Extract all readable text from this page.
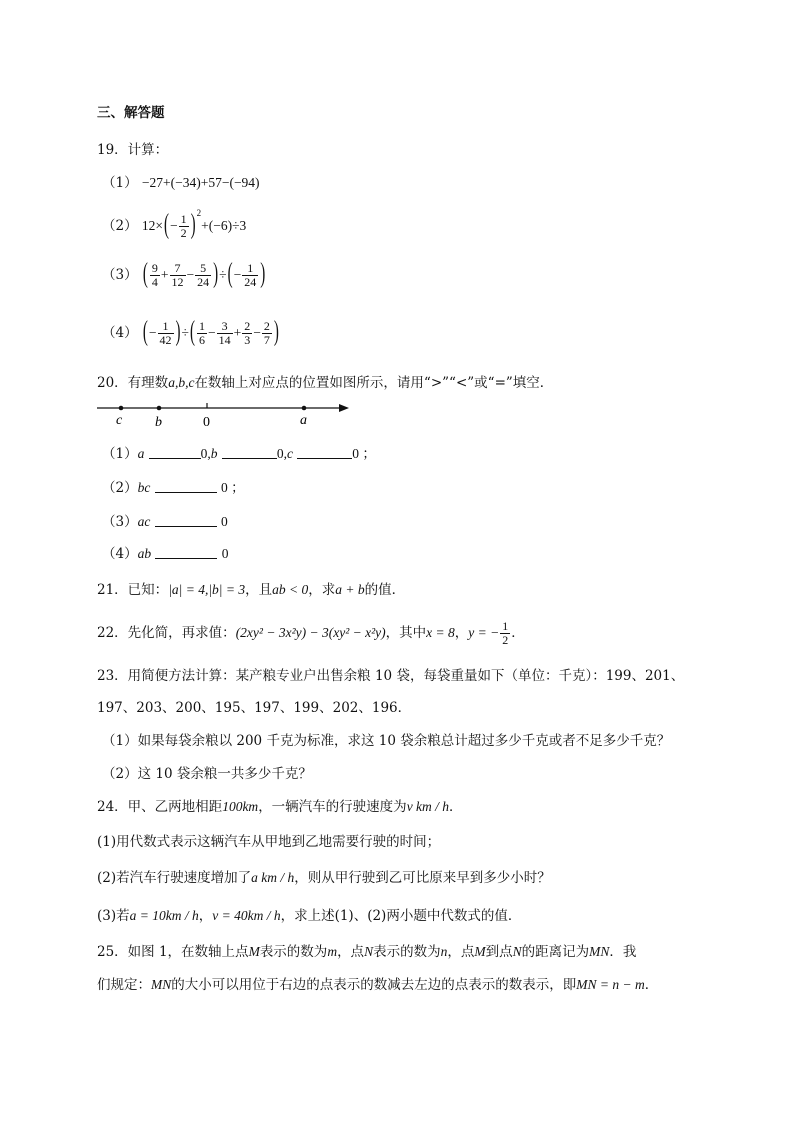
三、解答题
19．计算：
（1） −27+(−34)+57−(−94)
（2） $12\times(- \frac{1}{2} )^2+(-6)\div 3$
（3） ( $\frac{9}{4} + \frac{7}{12} - \frac{5}{24}$ )÷(− $\frac{1}{24}$ )
（4） (− $\frac{1}{42}$ )÷( $\frac{1}{6} - \frac{3}{14} + \frac{2}{3} - \frac{2}{7}$ )
20．有理数a,b,c在数轴上对应点的位置如图所示，请用“>”“<”或“=”填空．
c b	0	a
（1）a	0,b	0,c	0 ；
（2）bc	0 ；
（3）ac	0
（4）ab	0
21．已知：|a| = 4,|b| = 3，且ab < 0，求a + b的值．
22．先化简，再求值：(2xy² − 3x²y) − 3(xy² − x²y)，其中x = 8，y = − $\frac{1}{2}$ ．
23．用简便方法计算：某产粮专业户出售余粮 10 袋，每袋重量如下（单位：千克）：199、201、
197、203、200、195、197、199、202、196．
（1）如果每袋余粮以 200 千克为标准，求这 10 袋余粮总计超过多少千克或者不足多少千克？
（2）这 10 袋余粮一共多少千克？
24．甲、乙两地相距100km，一辆汽车的行驶速度为v km / h．
(1)用代数式表示这辆汽车从甲地到乙地需要行驶的时间；
(2)若汽车行驶速度增加了a km / h，则从甲行驶到乙可比原来早到多少小时？
(3)若a = 10km / h，v = 40km / h，求上述(1)、(2)两小题中代数式的值．
25．如图 1，在数轴上点M表示的数为m，点N表示的数为n，点M到点N的距离记为MN．我
们规定：MN的大小可以用位于右边的点表示的数减去左边的点表示的数表示，即MN = n − m．
